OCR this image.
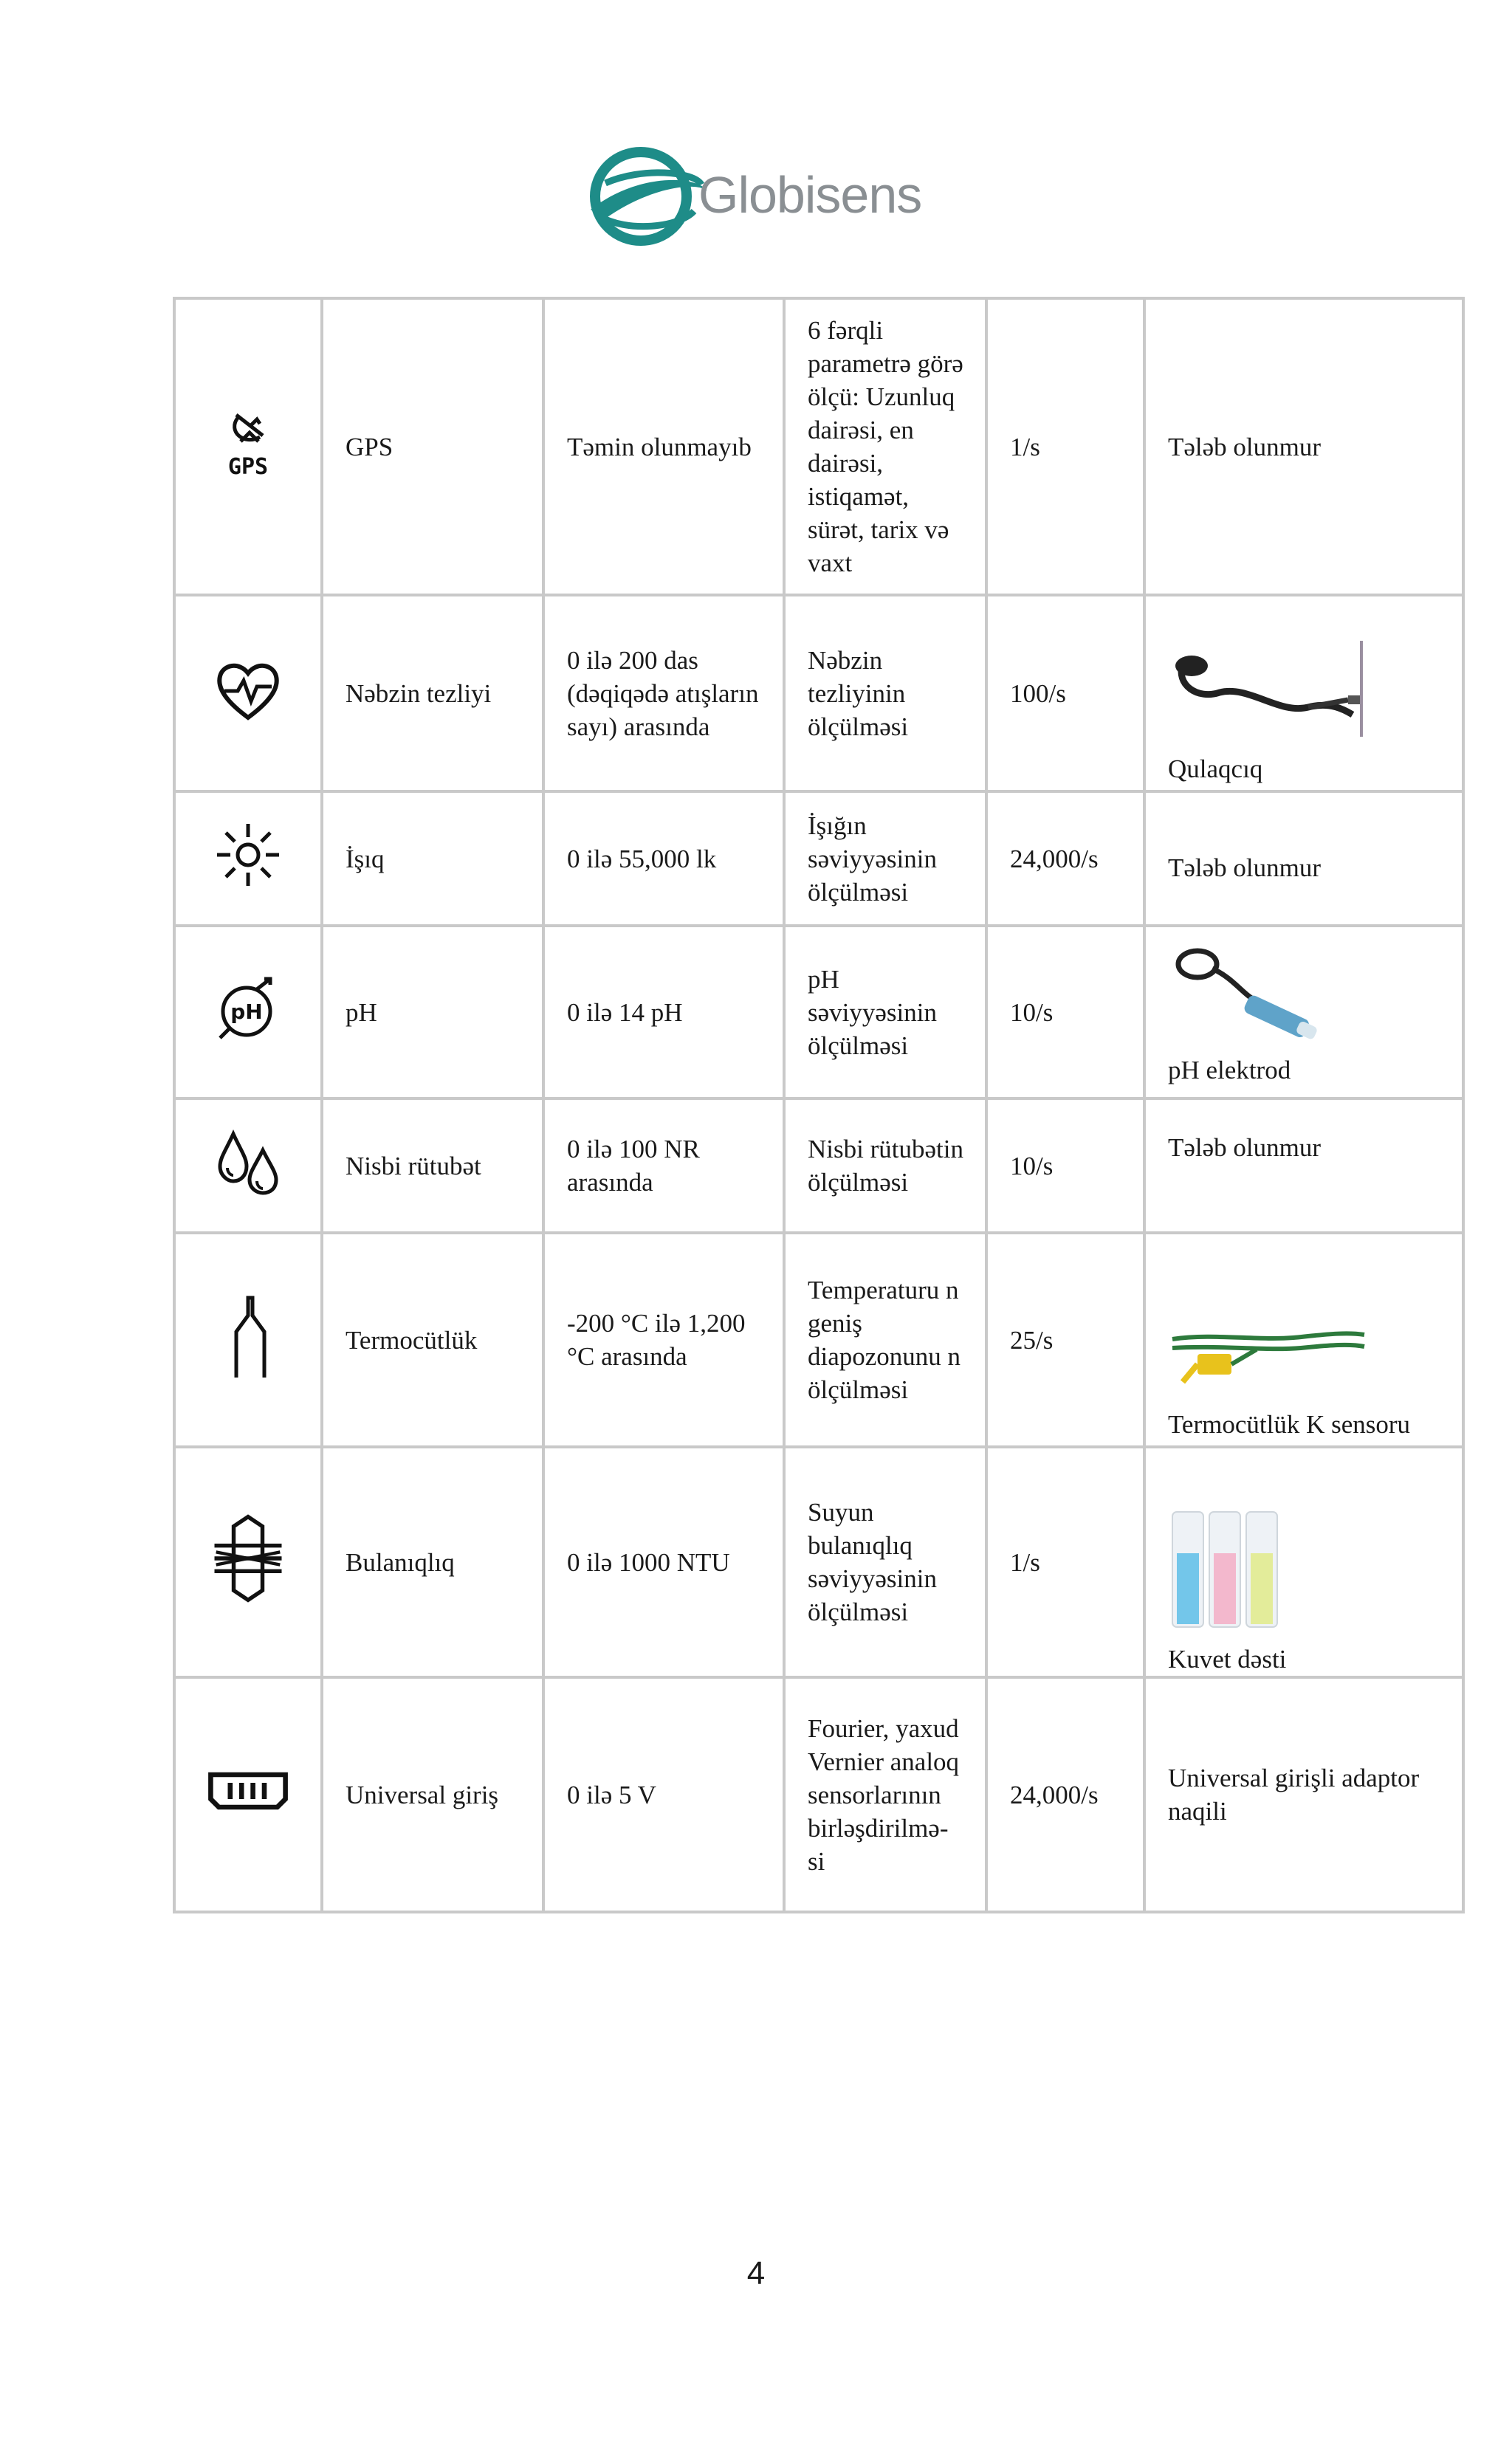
Globisens
GPS	GPS	Təmin olunmayıb	6 fərqli parametrə görə ölçü: Uzunluq dairəsi, en dairəsi, istiqamət, sürət, tarix və vaxt	1/s	Tələb olunmur
	Nəbzin tezliyi	0 ilə 200 das (dəqiqədə atışların sayı) arasında	Nəbzin tezliyinin ölçülməsi	100/s	Qulaqcıq

	İşıq	0 ilə 55,000 lk	İşığın səviyyəsinin ölçülməsi	24,000/s	Tələb olunmur

pH	pH	0 ilə 14 pH	pH səviyyəsinin ölçülməsi	10/s	pH elektrod

	Nisbi rütubət	0 ilə 100 NR arasında	Nisbi rütubətin ölçülməsi	10/s	Tələb olunmur
	Termocütlük	-200 °C ilə 1,200 °C arasında	Temperaturu n geniş diapozonunu n ölçülməsi	25/s	Termocütlük K sensoru

	Bulanıqlıq	0 ilə 1000 NTU	Suyun bulanıqlıq səviyyəsinin ölçülməsi	1/s	Kuvet dəsti

	Universal giriş	0 ilə 5 V	Fourier, yaxud Vernier analoq sensorlarının birləşdirilmə- si	24,000/s	Universal girişli adaptor naqili
4
